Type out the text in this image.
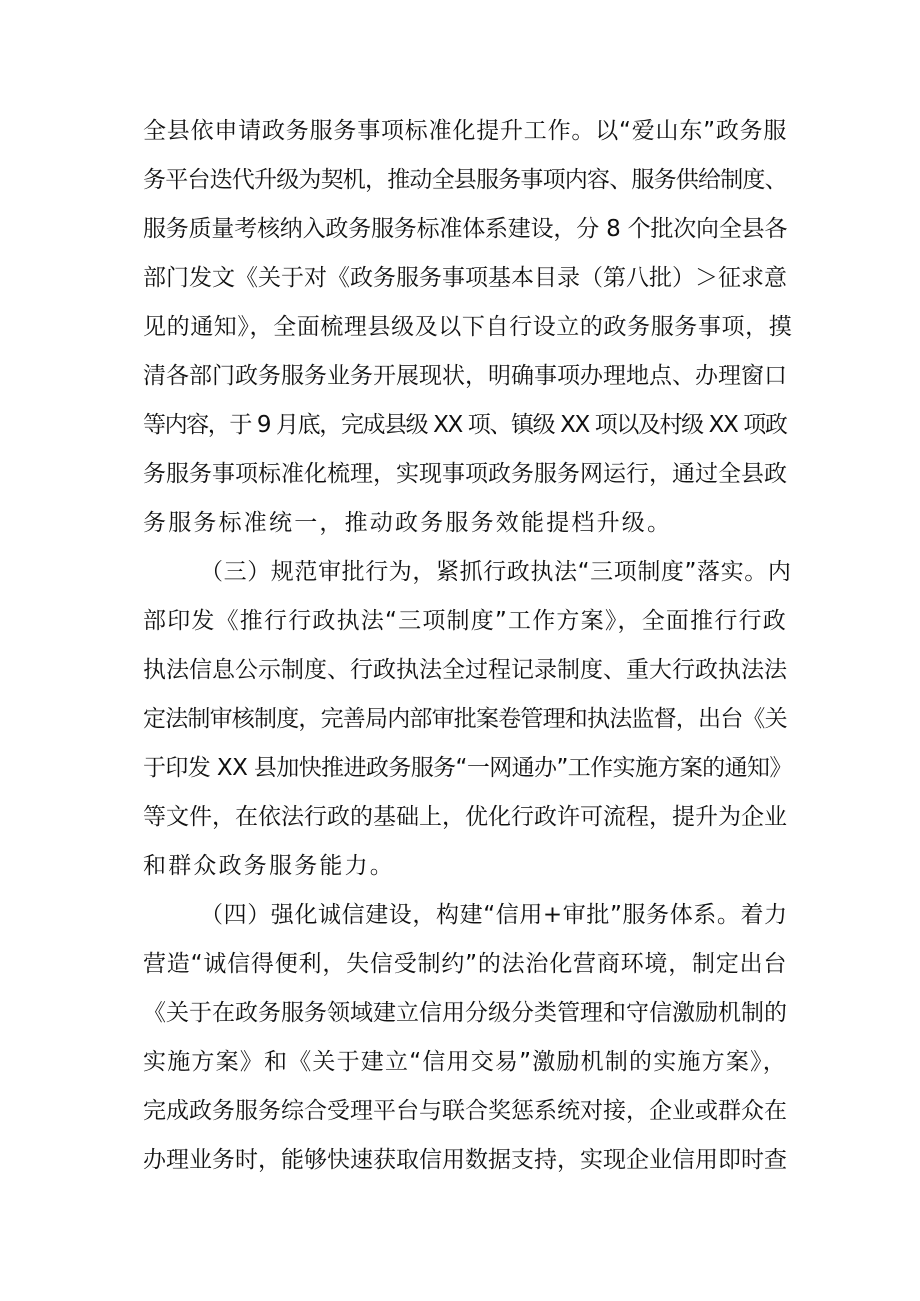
全县依申请政务服务事项标准化提升工作。以“爱山东”政务服
务平台迭代升级为契机，推动全县服务事项内容、服务供给制度、
服务质量考核纳入政务服务标准体系建设，分 8 个批次向全县各
部门发文《关于对《政务服务事项基本目录（第八批）＞征求意
见的通知》，全面梳理县级及以下自行设立的政务服务事项，摸
清各部门政务服务业务开展现状，明确事项办理地点、办理窗口
等内容，于 9 月底，完成县级 XX 项、镇级 XX 项以及村级 XX 项政
务服务事项标准化梳理，实现事项政务服务网运行，通过全县政
务服务标准统一，推动政务服务效能提档升级。
（三）规范审批行为，紧抓行政执法“三项制度”落实。内
部印发《推行行政执法“三项制度”工作方案》，全面推行行政
执法信息公示制度、行政执法全过程记录制度、重大行政执法法
定法制审核制度，完善局内部审批案卷管理和执法监督，出台《关
于印发 XX 县加快推进政务服务“一网通办”工作实施方案的通知》
等文件，在依法行政的基础上，优化行政许可流程，提升为企业
和群众政务服务能力。
（四）强化诚信建设，构建“信用+审批”服务体系。着力
营造“诚信得便利，失信受制约”的法治化营商环境，制定出台
《关于在政务服务领域建立信用分级分类管理和守信激励机制的
实施方案》和《关于建立“信用交易”激励机制的实施方案》，
完成政务服务综合受理平台与联合奖惩系统对接，企业或群众在
办理业务时，能够快速获取信用数据支持，实现企业信用即时查
